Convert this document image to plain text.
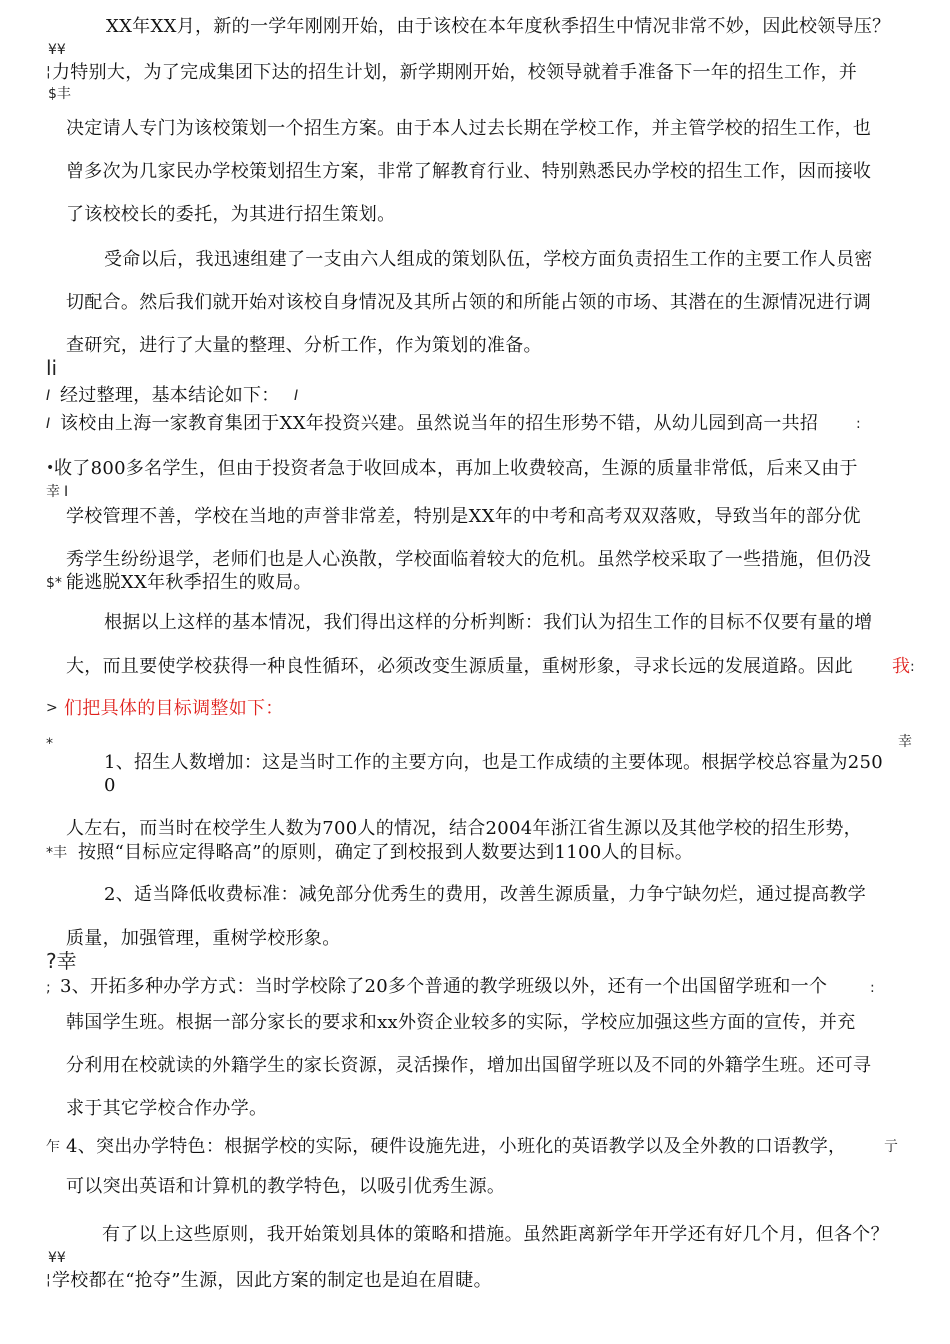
XX年XX月，新的一学年刚刚开始，由于该校在本年度秋季招生中情况非常不妙，因此校领导压？
¥¥
¦ 力特别大，为了完成集团下达的招生计划，新学期刚开始，校领导就着手准备下一年的招生工作，并
$丰
决定请人专门为该校策划一个招生方案。由于本人过去长期在学校工作，并主管学校的招生工作，也
曾多次为几家民办学校策划招生方案，非常了解教育行业、特别熟悉民办学校的招生工作，因而接收
了该校校长的委托，为其进行招生策划。
受命以后，我迅速组建了一支由六人组成的策划队伍，学校方面负责招生工作的主要工作人员密
切配合。然后我们就开始对该校自身情况及其所占领的和所能占领的市场、其潜在的生源情况进行调
查研究，进行了大量的整理、分析工作，作为策划的准备。
li
I 经过整理，基本结论如下： I
I 该校由上海一家教育集团于XX年投资兴建。虽然说当年的招生形势不错，从幼儿园到高一共招	:
• 收了800多名学生，但由于投资者急于收回成本，再加上收费较高，生源的质量非常低，后来又由于
幸 I
学校管理不善，学校在当地的声誉非常差，特别是XX年的中考和高考双双落败，导致当年的部分优
秀学生纷纷退学，老师们也是人心涣散，学校面临着较大的危机。虽然学校采取了一些措施，但仍没
$* 能逃脱XX年秋季招生的败局。
根据以上这样的基本情况，我们得出这样的分析判断：我们认为招生工作的目标不仅要有量的增
大，而且要使学校获得一种良性循环，必须改变生源质量，重树形象，寻求长远的发展道路。因此 我 :
> 们把具体的目标调整如下：
*	幸
1、招生人数增加：这是当时工作的主要方向，也是工作成绩的主要体现。根据学校总容量为250
0
人左右，而当时在校学生人数为700人的情况，结合2004年浙江省生源以及其他学校的招生形势，
*丰 按照“目标应定得略高”的原则，确定了到校报到人数要达到1100人的目标。
2、适当降低收费标准：减免部分优秀生的费用，改善生源质量，力争宁缺勿烂，通过提高教学
质量，加强管理，重树学校形象。
?幸
; 3、开拓多种办学方式：当时学校除了20多个普通的教学班级以外，还有一个出国留学班和一个	:
韩国学生班。根据一部分家长的要求和xx外资企业较多的实际，学校应加强这些方面的宣传，并充
分利用在校就读的外籍学生的家长资源，灵活操作，增加出国留学班以及不同的外籍学生班。还可寻
求于其它学校合作办学。
乍 4、突出办学特色：根据学校的实际，硬件设施先进，小班化的英语教学以及全外教的口语教学，	亍
可以突出英语和计算机的教学特色，以吸引优秀生源。
有了以上这些原则，我开始策划具体的策略和措施。虽然距离新学年开学还有好几个月，但各个？
¥¥
¦ 学校都在“抢夺”生源，因此方案的制定也是迫在眉睫。
